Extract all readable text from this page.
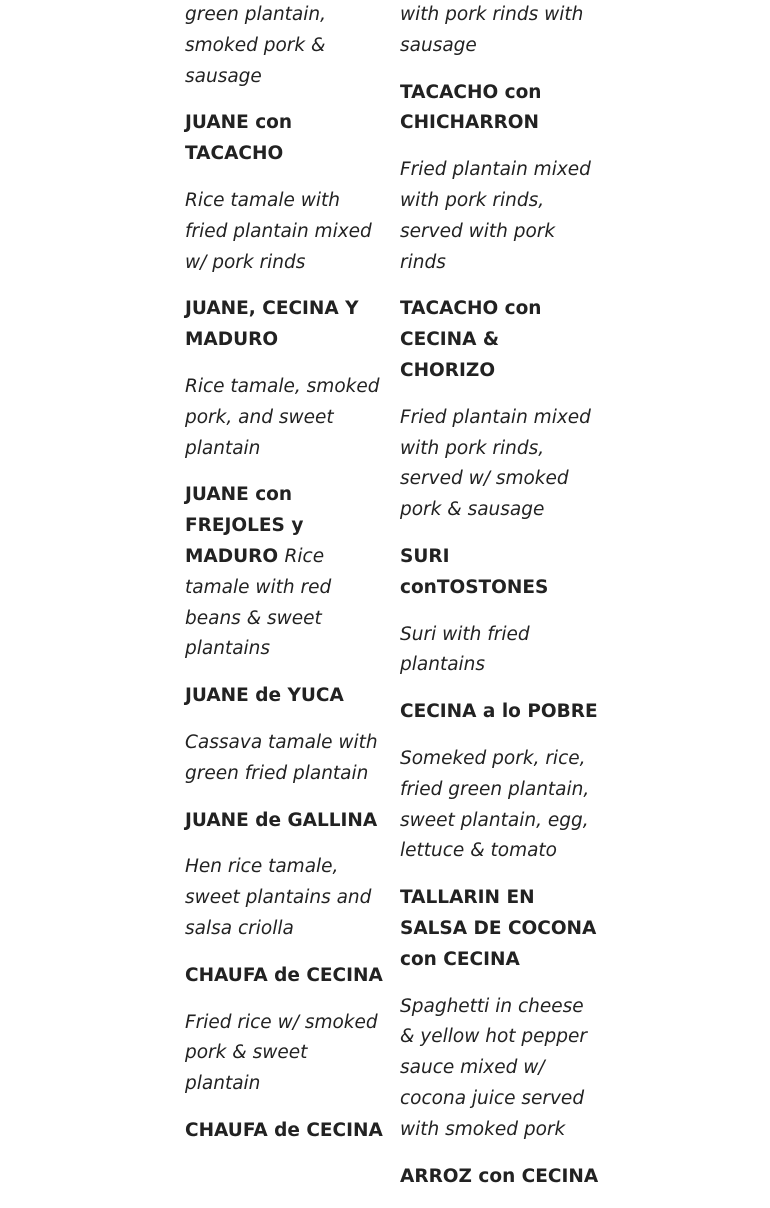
green plantain, smoked pork & sausage
JUANE con TACACHO
Rice tamale with fried plantain mixed w/ pork rinds
JUANE, CECINA Y MADURO
Rice tamale, smoked pork, and sweet plantain
JUANE con FREJOLES y MADURO Rice tamale with red beans & sweet plantains
JUANE de YUCA
Cassava tamale with green fried plantain
JUANE de GALLINA
Hen rice tamale, sweet plantains and salsa criolla
CHAUFA de CECINA
Fried rice w/ smoked pork & sweet plantain
CHAUFA de CECINA
with pork rinds with sausage
TACACHO con CHICHARRON
Fried plantain mixed with pork rinds, served with pork rinds
TACACHO con CECINA & CHORIZO
Fried plantain mixed with pork rinds, served w/ smoked pork & sausage
SURI conTOSTONES
Suri with fried plantains
CECINA a lo POBRE
Someked pork, rice, fried green plantain, sweet plantain, egg, lettuce & tomato
TALLARIN EN SALSA DE COCONA con CECINA
Spaghetti in cheese & yellow hot pepper sauce mixed w/ cocona juice served with smoked pork
ARROZ con CECINA
